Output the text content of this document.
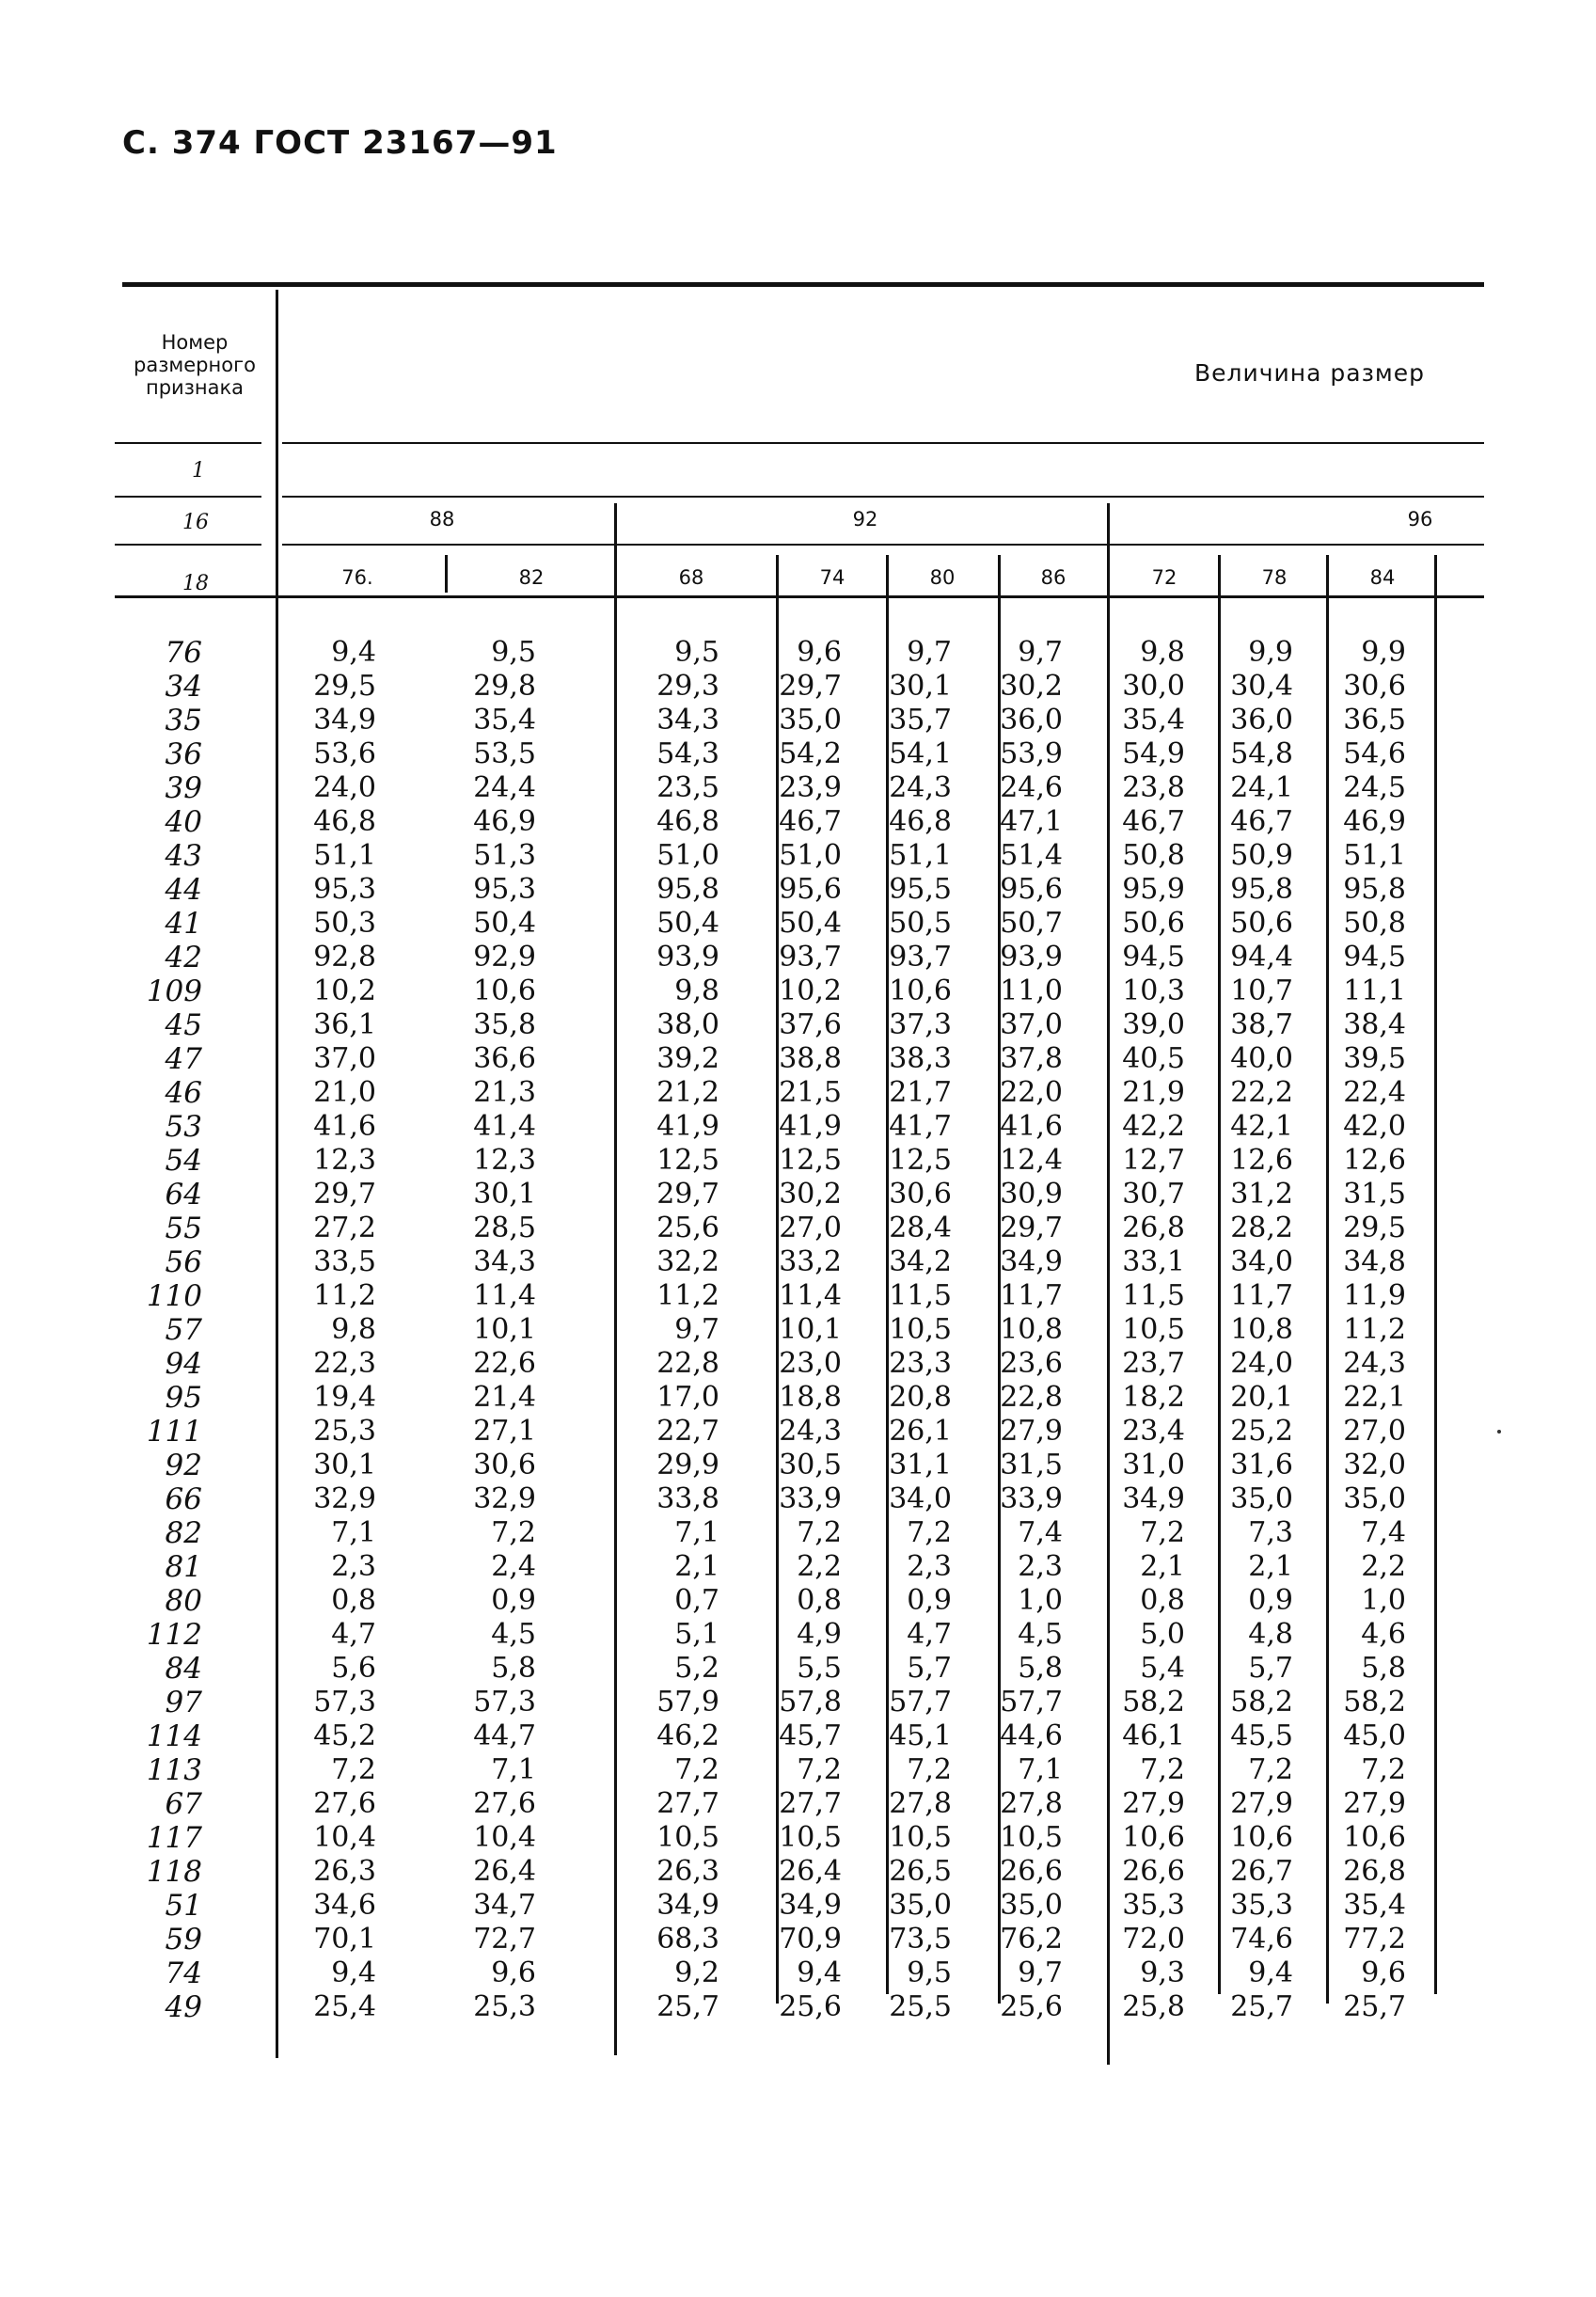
С. 374 ГОСТ 23167—91
Номер размерного признака
Величина размер
1
16
18
88	92	96
76.	82	68	74	80	86	72	78	84
76	9,4	9,5	9,5	9,6	9,7	9,7	9,8	9,9	9,9
34	29,5	29,8	29,3	29,7	30,1	30,2	30,0	30,4	30,6
35	34,9	35,4	34,3	35,0	35,7	36,0	35,4	36,0	36,5
36	53,6	53,5	54,3	54,2	54,1	53,9	54,9	54,8	54,6
39	24,0	24,4	23,5	23,9	24,3	24,6	23,8	24,1	24,5
40	46,8	46,9	46,8	46,7	46,8	47,1	46,7	46,7	46,9
43	51,1	51,3	51,0	51,0	51,1	51,4	50,8	50,9	51,1
44	95,3	95,3	95,8	95,6	95,5	95,6	95,9	95,8	95,8
41	50,3	50,4	50,4	50,4	50,5	50,7	50,6	50,6	50,8
42	92,8	92,9	93,9	93,7	93,7	93,9	94,5	94,4	94,5
109	10,2	10,6	9,8	10,2	10,6	11,0	10,3	10,7	11,1
45	36,1	35,8	38,0	37,6	37,3	37,0	39,0	38,7	38,4
47	37,0	36,6	39,2	38,8	38,3	37,8	40,5	40,0	39,5
46	21,0	21,3	21,2	21,5	21,7	22,0	21,9	22,2	22,4
53	41,6	41,4	41,9	41,9	41,7	41,6	42,2	42,1	42,0
54	12,3	12,3	12,5	12,5	12,5	12,4	12,7	12,6	12,6
64	29,7	30,1	29,7	30,2	30,6	30,9	30,7	31,2	31,5
55	27,2	28,5	25,6	27,0	28,4	29,7	26,8	28,2	29,5
56	33,5	34,3	32,2	33,2	34,2	34,9	33,1	34,0	34,8
110	11,2	11,4	11,2	11,4	11,5	11,7	11,5	11,7	11,9
57	9,8	10,1	9,7	10,1	10,5	10,8	10,5	10,8	11,2
94	22,3	22,6	22,8	23,0	23,3	23,6	23,7	24,0	24,3
95	19,4	21,4	17,0	18,8	20,8	22,8	18,2	20,1	22,1
111	25,3	27,1	22,7	24,3	26,1	27,9	23,4	25,2	27,0
92	30,1	30,6	29,9	30,5	31,1	31,5	31,0	31,6	32,0
66	32,9	32,9	33,8	33,9	34,0	33,9	34,9	35,0	35,0
82	7,1	7,2	7,1	7,2	7,2	7,4	7,2	7,3	7,4
81	2,3	2,4	2,1	2,2	2,3	2,3	2,1	2,1	2,2
80	0,8	0,9	0,7	0,8	0,9	1,0	0,8	0,9	1,0
112	4,7	4,5	5,1	4,9	4,7	4,5	5,0	4,8	4,6
84	5,6	5,8	5,2	5,5	5,7	5,8	5,4	5,7	5,8
97	57,3	57,3	57,9	57,8	57,7	57,7	58,2	58,2	58,2
114	45,2	44,7	46,2	45,7	45,1	44,6	46,1	45,5	45,0
113	7,2	7,1	7,2	7,2	7,2	7,1	7,2	7,2	7,2
67	27,6	27,6	27,7	27,7	27,8	27,8	27,9	27,9	27,9
117	10,4	10,4	10,5	10,5	10,5	10,5	10,6	10,6	10,6
118	26,3	26,4	26,3	26,4	26,5	26,6	26,6	26,7	26,8
51	34,6	34,7	34,9	34,9	35,0	35,0	35,3	35,3	35,4
59	70,1	72,7	68,3	70,9	73,5	76,2	72,0	74,6	77,2
74	9,4	9,6	9,2	9,4	9,5	9,7	9,3	9,4	9,6
49	25,4	25,3	25,7	25,6	25,5	25,6	25,8	25,7	25,7
